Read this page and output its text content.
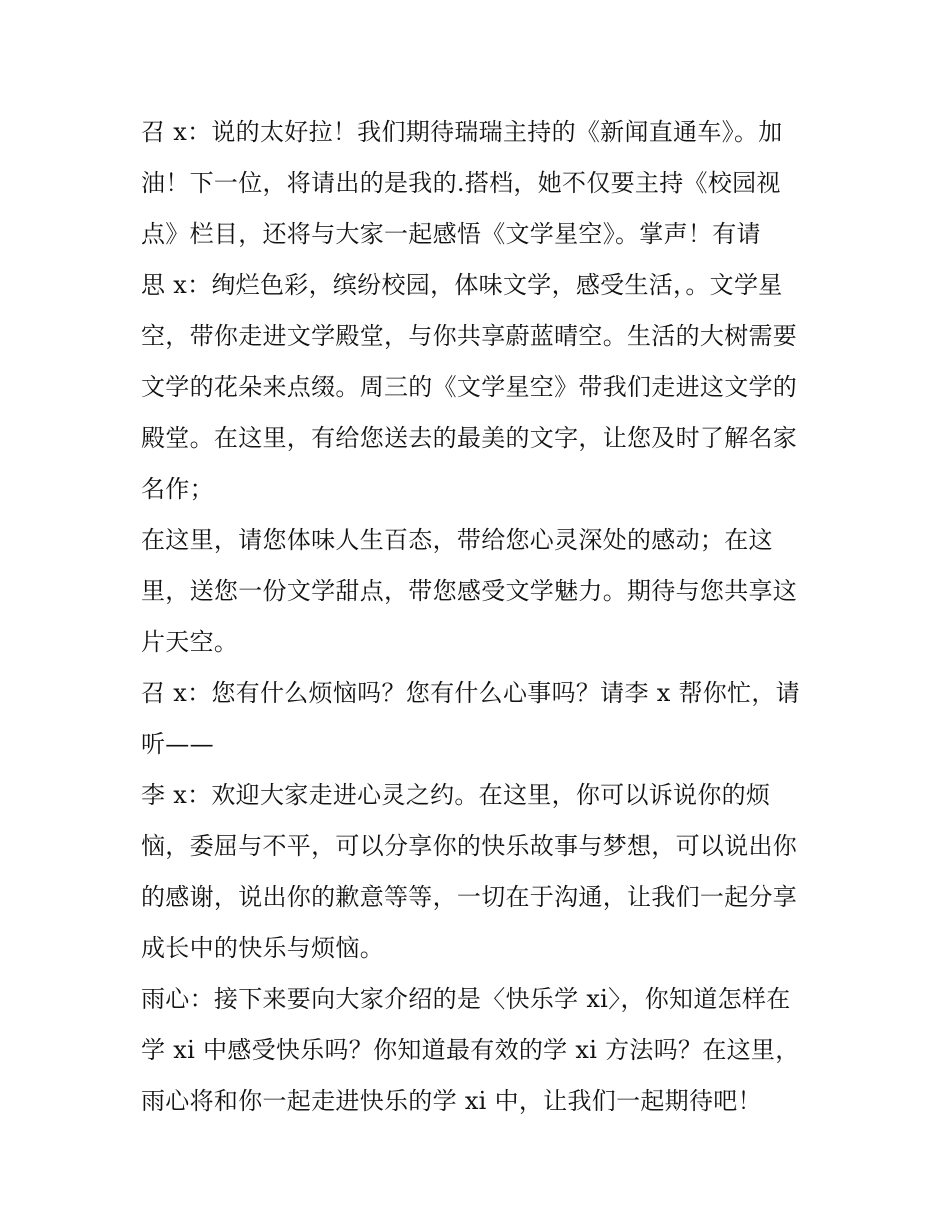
召 x：说的太好拉！我们期待瑞瑞主持的《新闻直通车》。加
油！下一位，将请出的是我的.搭档，她不仅要主持《校园视
点》栏目，还将与大家一起感悟《文学星空》。掌声！有请
思 x：绚烂色彩，缤纷校园，体味文学，感受生活，。文学星
空，带你走进文学殿堂，与你共享蔚蓝晴空。生活的大树需要
文学的花朵来点缀。周三的《文学星空》带我们走进这文学的
殿堂。在这里，有给您送去的最美的文字，让您及时了解名家
名作；
在这里，请您体味人生百态，带给您心灵深处的感动；在这
里，送您一份文学甜点，带您感受文学魅力。期待与您共享这
片天空。
召 x：您有什么烦恼吗？您有什么心事吗？请李 x 帮你忙，请
听——
李 x：欢迎大家走进心灵之约。在这里，你可以诉说你的烦
恼，委屈与不平，可以分享你的快乐故事与梦想，可以说出你
的感谢，说出你的歉意等等，一切在于沟通，让我们一起分享
成长中的快乐与烦恼。
雨心：接下来要向大家介绍的是〈快乐学 xi〉，你知道怎样在
学 xi 中感受快乐吗？你知道最有效的学 xi 方法吗？在这里，
雨心将和你一起走进快乐的学 xi 中，让我们一起期待吧！
